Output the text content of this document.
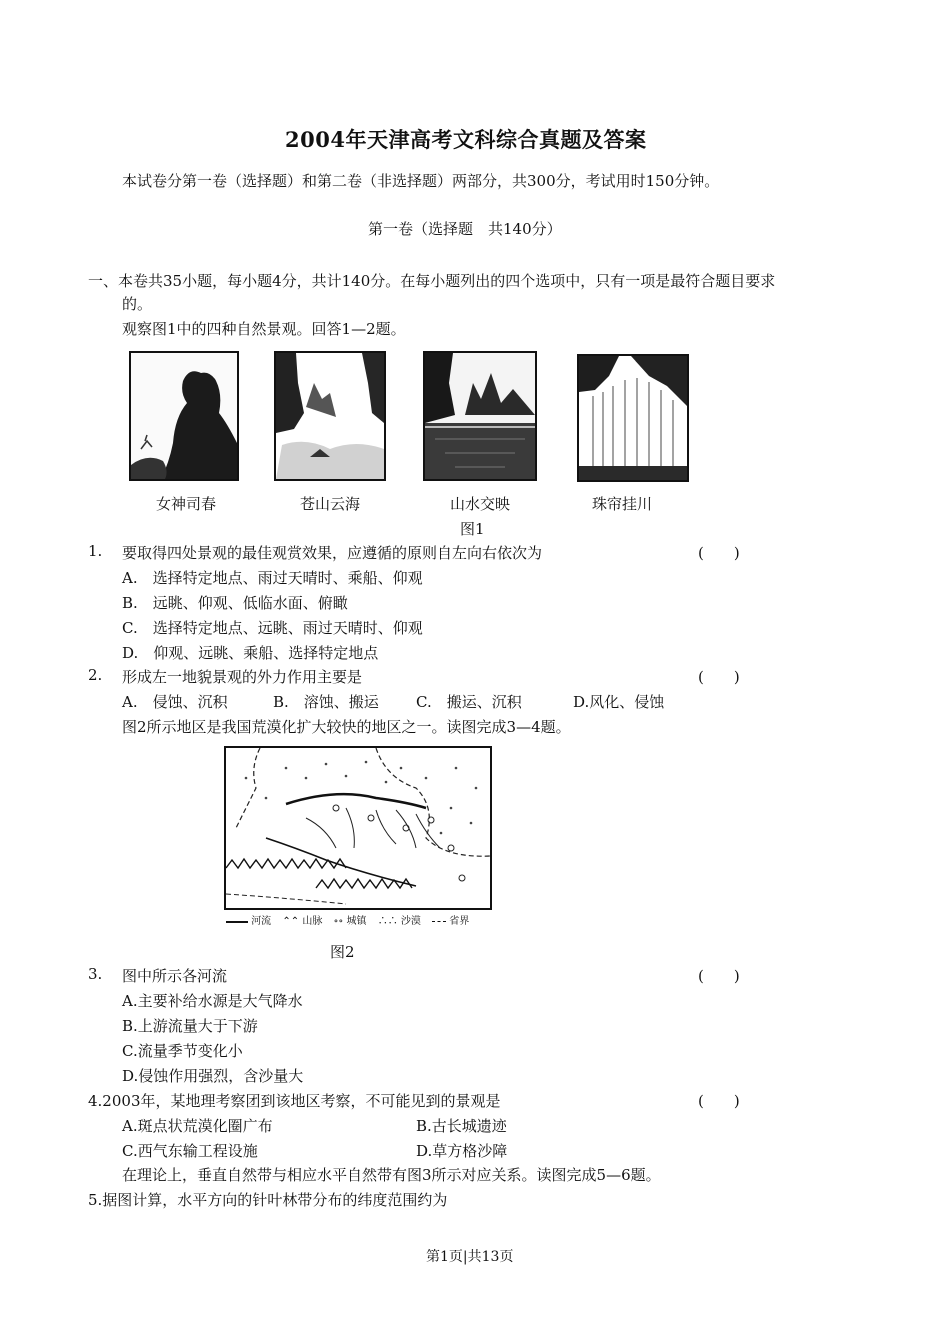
2004年天津高考文科综合真题及答案
本试卷分第一卷（选择题）和第二卷（非选择题）两部分，共300分，考试用时150分钟。
第一卷（选择题　共140分）
一、本卷共35小题，每小题4分，共计140分。在每小题列出的四个选项中，只有一项是最符合题目要求
的。
观察图1中的四种自然景观。回答1—2题。
女神司春	苍山云海	山水交映	珠帘挂川
图1
1. 要取得四处景观的最佳观赏效果，应遵循的原则自左向右依次为	(　　)
A.　选择特定地点、雨过天晴时、乘船、仰观
B.　远眺、仰观、低临水面、俯瞰
C.　选择特定地点、远眺、雨过天晴时、仰观
D.　仰观、远眺、乘船、选择特定地点
2. 形成左一地貌景观的外力作用主要是	(　　)
A.　侵蚀、沉积	B.　溶蚀、搬运 C.　搬运、沉积	D.风化、侵蚀
图2所示地区是我国荒漠化扩大较快的地区之一。读图完成3—4题。
河流 ⌃⌃ 山脉 ∘∘ 城镇 ∴∴ 沙漠	省界
图2
3. 图中所示各河流	(　　)
A.主要补给水源是大气降水
B.上游流量大于下游
C.流量季节变化小
D.侵蚀作用强烈，含沙量大
4.2003年，某地理考察团到该地区考察，不可能见到的景观是	(　　)
A.斑点状荒漠化圈广布	B.古长城遗迹
C.西气东输工程设施	D.草方格沙障
在理论上，垂直自然带与相应水平自然带有图3所示对应关系。读图完成5—6题。
5.据图计算，水平方向的针叶林带分布的纬度范围约为
第1页|共13页
